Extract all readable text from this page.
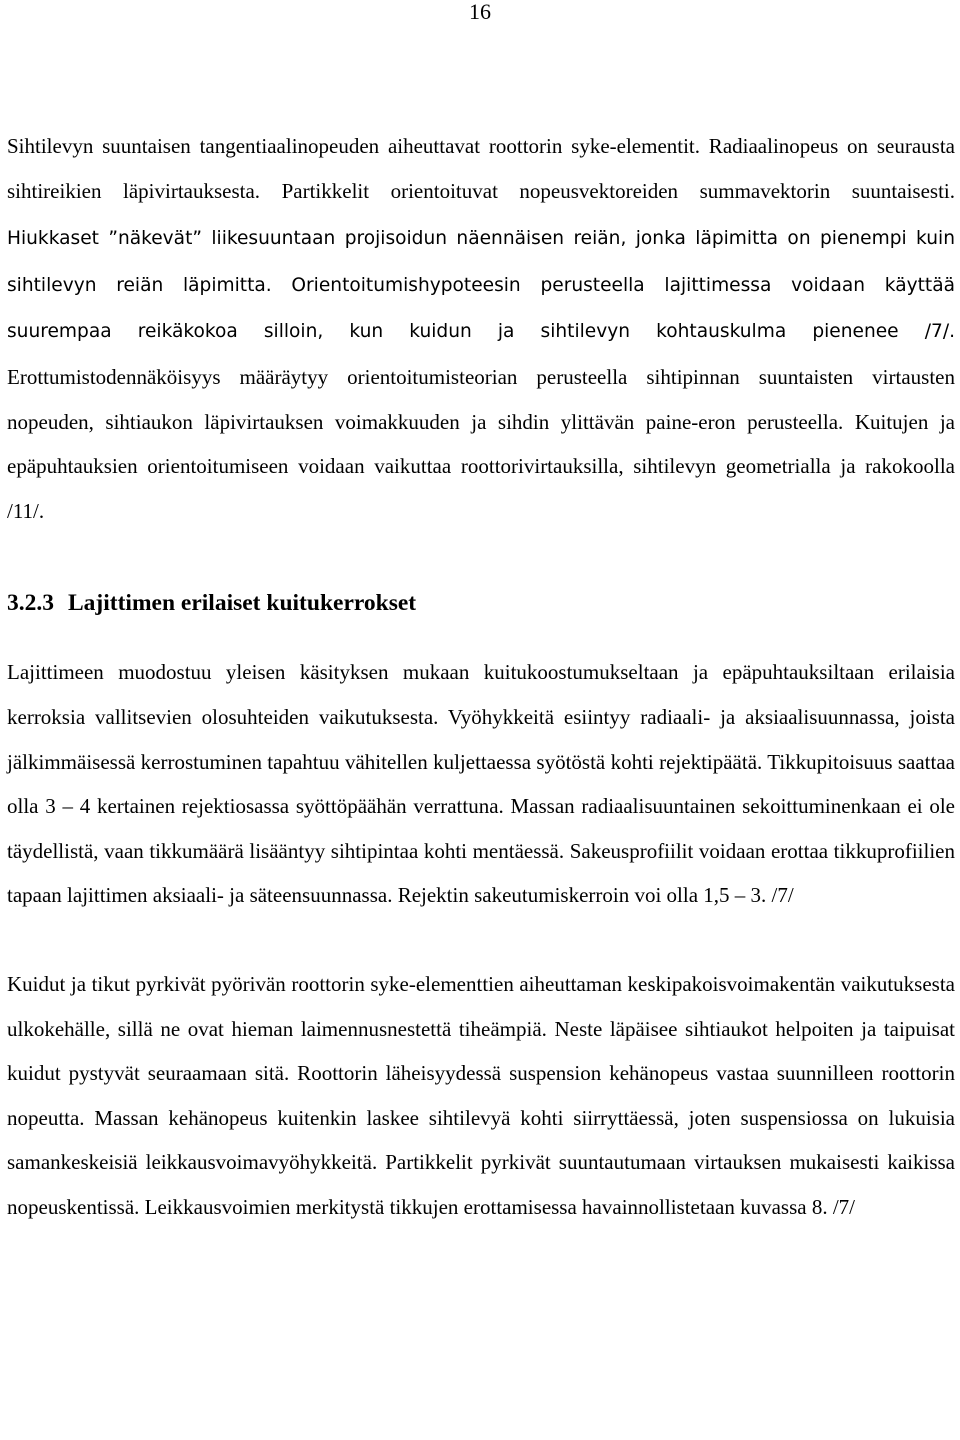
16

Sihtilevyn suuntaisen tangentiaalinopeuden aiheuttavat roottorin syke-elementit. Radiaalinopeus on seurausta sihtireikien läpivirtauksesta. Partikkelit orientoituvat nopeusvektoreiden summavektorin suuntaisesti. Hiukkaset ”näkevät” liikesuuntaan projisoidun näennäisen reiän, jonka läpimitta on pienempi kuin sihtilevyn reiän läpimitta. Orientoitumishypoteesin perusteella lajittimessa voidaan käyttää suurempaa reikäkokoa silloin, kun kuidun ja sihtilevyn kohtauskulma pienenee /7/. Erottumistodennäköisyys määräytyy orientoitumisteorian perusteella sihtipinnan suuntaisten virtausten nopeuden, sihtiaukon läpivirtauksen voimakkuuden ja sihdin ylittävän paine-eron perusteella. Kuitujen ja epäpuhtauksien orientoitumiseen voidaan vaikuttaa roottorivirtauksilla, sihtilevyn geometrialla ja rakokoolla /11/.

3.2.3 Lajittimen erilaiset kuitukerrokset

Lajittimeen muodostuu yleisen käsityksen mukaan kuitukoostumukseltaan ja epäpuhtauksiltaan erilaisia kerroksia vallitsevien olosuhteiden vaikutuksesta. Vyöhykkeitä esiintyy radiaali- ja aksiaalisuunnassa, joista jälkimmäisessä kerrostuminen tapahtuu vähitellen kuljettaessa syötöstä kohti rejektipäätä. Tikkupitoisuus saattaa olla 3 – 4 kertainen rejektiosassa syöttöpäähän verrattuna. Massan radiaalisuuntainen sekoittuminenkaan ei ole täydellistä, vaan tikkumäärä lisääntyy sihtipintaa kohti mentäessä. Sakeusprofiilit voidaan erottaa tikkuprofiilien tapaan lajittimen aksiaali- ja säteensuunnassa. Rejektin sakeutumiskerroin voi olla 1,5 – 3. /7/

Kuidut ja tikut pyrkivät pyörivän roottorin syke-elementtien aiheuttaman keskipakoisvoimakentän vaikutuksesta ulkokehälle, sillä ne ovat hieman laimennusnestettä tiheämpiä. Neste läpäisee sihtiaukot helpoiten ja taipuisat kuidut pystyvät seuraamaan sitä. Roottorin läheisyydessä suspension kehänopeus vastaa suunnilleen roottorin nopeutta. Massan kehänopeus kuitenkin laskee sihtilevyä kohti siirryttäessä, joten suspensiossa on lukuisia samankeskeisiä leikkausvoimavyöhykkeitä. Partikkelit pyrkivät suuntautumaan virtauksen mukaisesti kaikissa nopeuskentissä. Leikkausvoimien merkitystä tikkujen erottamisessa havainnollistetaan kuvassa 8. /7/
